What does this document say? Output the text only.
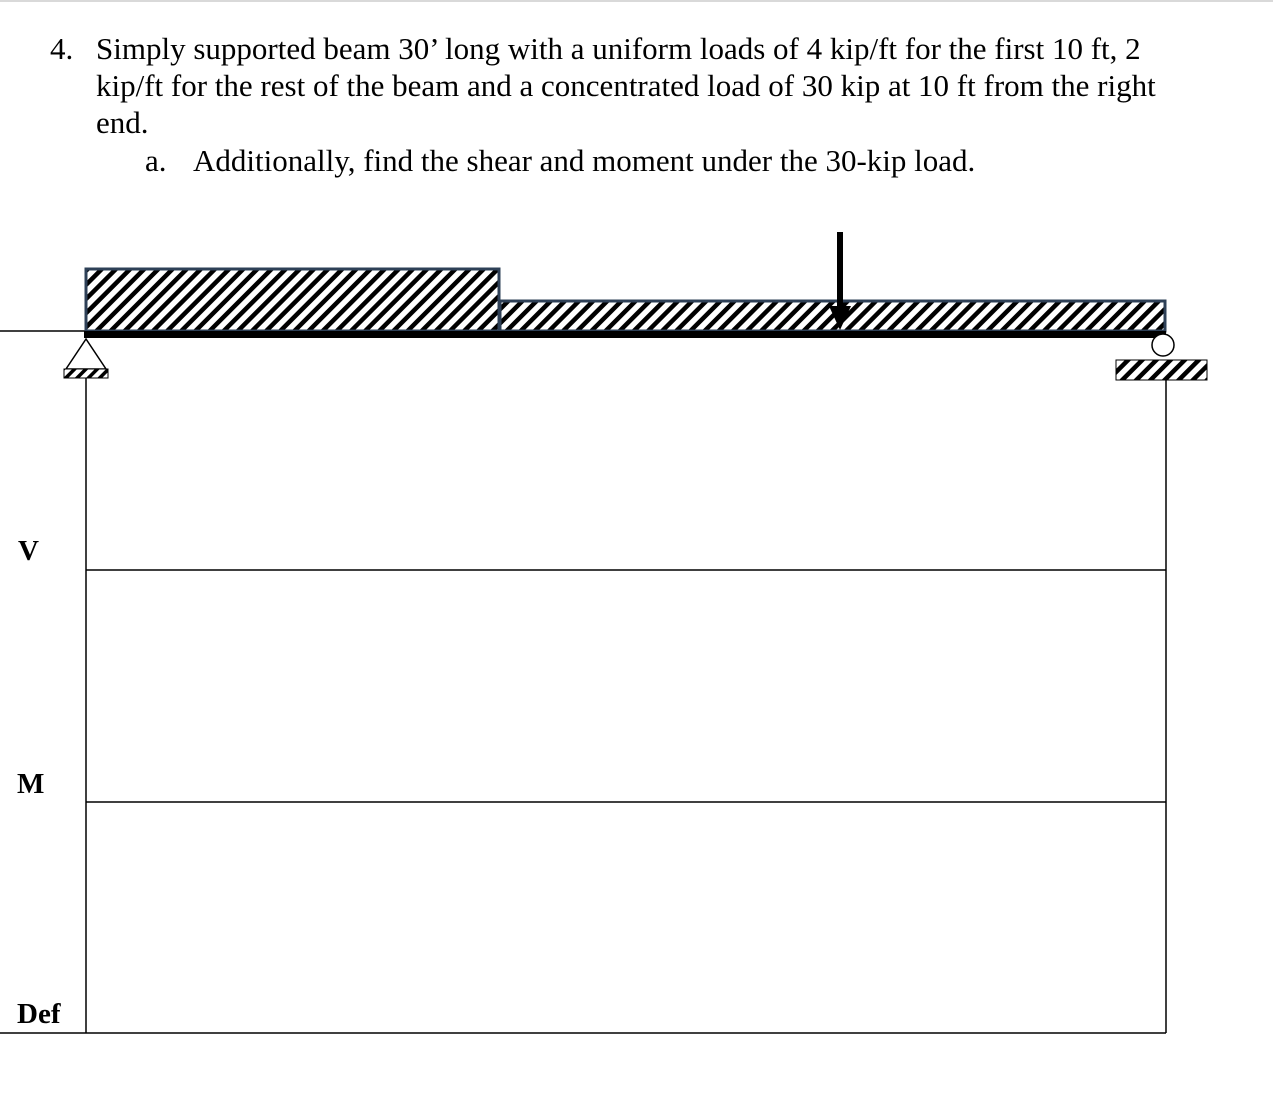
4. Simply supported beam 30’ long with a uniform loads of 4 kip/ft for the first 10 ft, 2 kip/ft for the rest of the beam and a concentrated load of 30 kip at 10 ft from the right end.
a. Additionally, find the shear and moment under the 30-kip load.
V
M
Def
